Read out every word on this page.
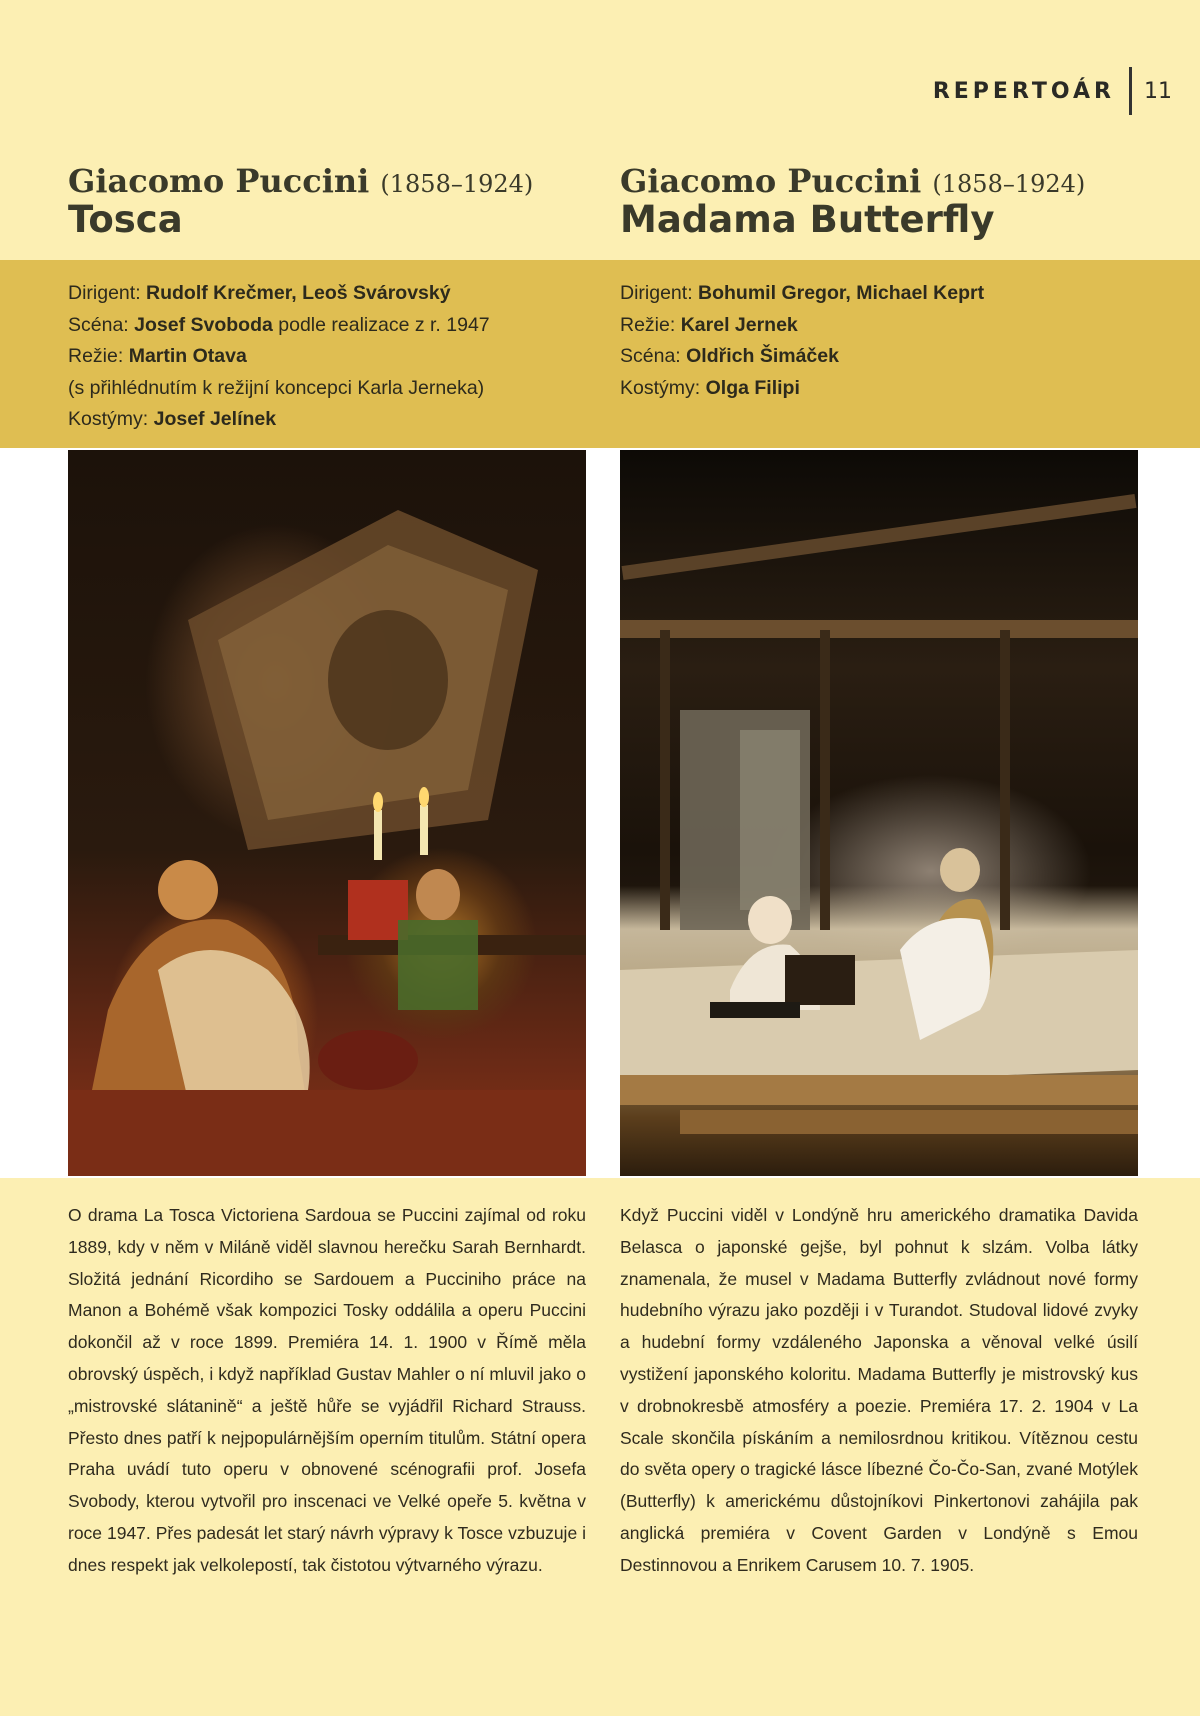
REPERTOÁR 11
Giacomo Puccini (1858–1924)
Tosca
Giacomo Puccini (1858–1924)
Madama Butterfly
Dirigent: Rudolf Krečmer, Leoš Svárovský
Scéna: Josef Svoboda podle realizace z r. 1947
Režie: Martin Otava
(s přihlédnutím k režijní koncepci Karla Jerneka)
Kostýmy: Josef Jelínek
Dirigent: Bohumil Gregor, Michael Keprt
Režie: Karel Jernek
Scéna: Oldřich Šimáček
Kostýmy: Olga Filipi

O drama La Tosca Victoriena Sardoua se Puccini zajímal od roku 1889, kdy v něm v Miláně viděl slavnou herečku Sarah Bernhardt. Složitá jednání Ricordiho se Sardouem a Pucciniho práce na Manon a Bohémě však kompozici Tosky oddálila a operu Puccini dokončil až v roce 1899. Premiéra 14. 1. 1900 v Římě měla obrovský úspěch, i když například Gustav Mahler o ní mluvil jako o „mistrovské slátanině“ a ještě hůře se vyjádřil Richard Strauss. Přesto dnes patří k nejpopulárnějším operním titulům. Státní opera Praha uvádí tuto operu v obnovené scénografii prof. Josefa Svobody, kterou vytvořil pro inscenaci ve Velké opeře 5. května v roce 1947. Přes padesát let starý návrh výpravy k Tosce vzbuzuje i dnes respekt jak velkolepostí, tak čistotou výtvarného výrazu.

Když Puccini viděl v Londýně hru amerického dramatika Davida Belasca o japonské gejše, byl pohnut k slzám. Volba látky znamenala, že musel v Madama Butterfly zvládnout nové formy hudebního výrazu jako později i v Turandot. Studoval lidové zvyky a hudební formy vzdáleného Japonska a věnoval velké úsilí vystižení japonského koloritu. Madama Butterfly je mistrovský kus v drobnokresbě atmosféry a poezie. Premiéra 17. 2. 1904 v La Scale skončila pískáním a nemilosrdnou kritikou. Vítěznou cestu do světa opery o tragické lásce líbezné Čo-Čo-San, zvané Motýlek (Butterfly) k americkému důstojníkovi Pinkertonovi zahájila pak anglická premiéra v Covent Garden v Londýně s Emou Destinnovou a Enrikem Carusem 10. 7. 1905.
